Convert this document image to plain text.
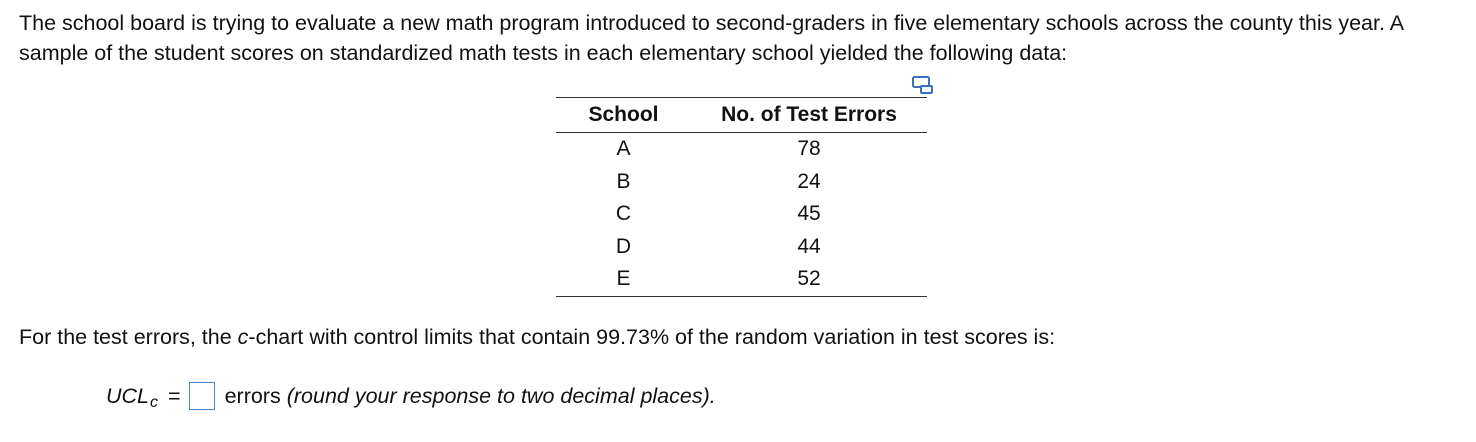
The school board is trying to evaluate a new math program introduced to second-graders in five elementary schools across the county this year. A sample of the student scores on standardized math tests in each elementary school yielded the following data:

School	No. of Test Errors
A	78
B	24
C	45
D	44
E	52

For the test errors, the c-chart with control limits that contain 99.73% of the random variation in test scores is:

UCL c = errors
(round your response to two decimal places).
